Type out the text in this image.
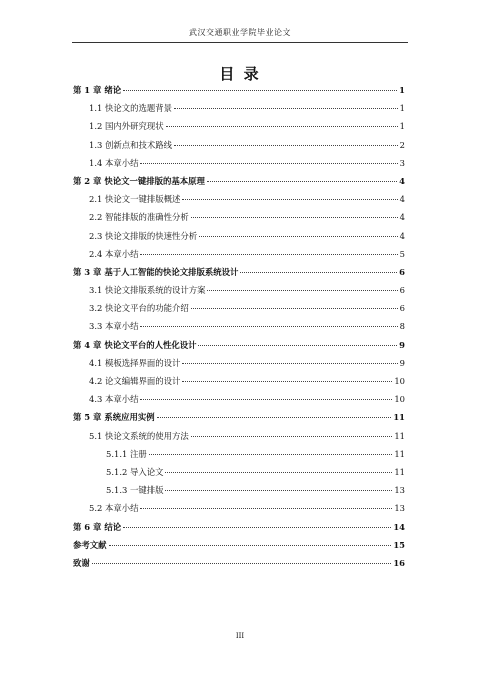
武汉交通职业学院毕业论文
目 录
第 1 章 绪论	1
1.1 快论文的选题背景	1
1.2 国内外研究现状	1
1.3 创新点和技术路线	2
1.4 本章小结	3
第 2 章 快论文一键排版的基本原理	4
2.1 快论文一键排版概述	4
2.2 智能排版的准确性分析	4
2.3 快论文排版的快速性分析	4
2.4 本章小结	5
第 3 章 基于人工智能的快论文排版系统设计	6
3.1 快论文排版系统的设计方案	6
3.2 快论文平台的功能介绍	6
3.3 本章小结	8
第 4 章 快论文平台的人性化设计	9
4.1 模板选择界面的设计	9
4.2 论文编辑界面的设计	10
4.3 本章小结	10
第 5 章 系统应用实例	11
5.1 快论文系统的使用方法	11
5.1.1 注册	11
5.1.2 导入论文	11
5.1.3 一键排版	13
5.2 本章小结	13
第 6 章 结论	14
参考文献	15
致谢	16
III
